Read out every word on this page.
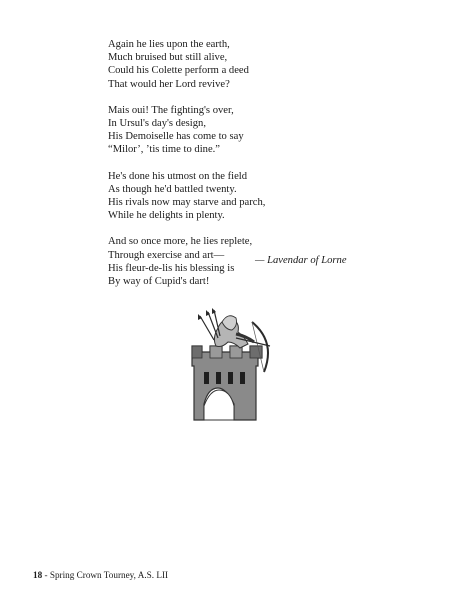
Again he lies upon the earth,
Much bruised but still alive,
Could his Colette perform a deed
That would her Lord revive?
Mais oui! The fighting's over,
In Ursul's day's design,
His Demoiselle has come to say
“Milor’, ’tis time to dine.”
He's done his utmost on the field
As though he'd battled twenty.
His rivals now may starve and parch,
While he delights in plenty.
And so once more, he lies replete,
Through exercise and art—
His fleur-de-lis his blessing is
By way of Cupid's dart!
— Lavendar of Lorne
18 - Spring Crown Tourney, A.S. LII
